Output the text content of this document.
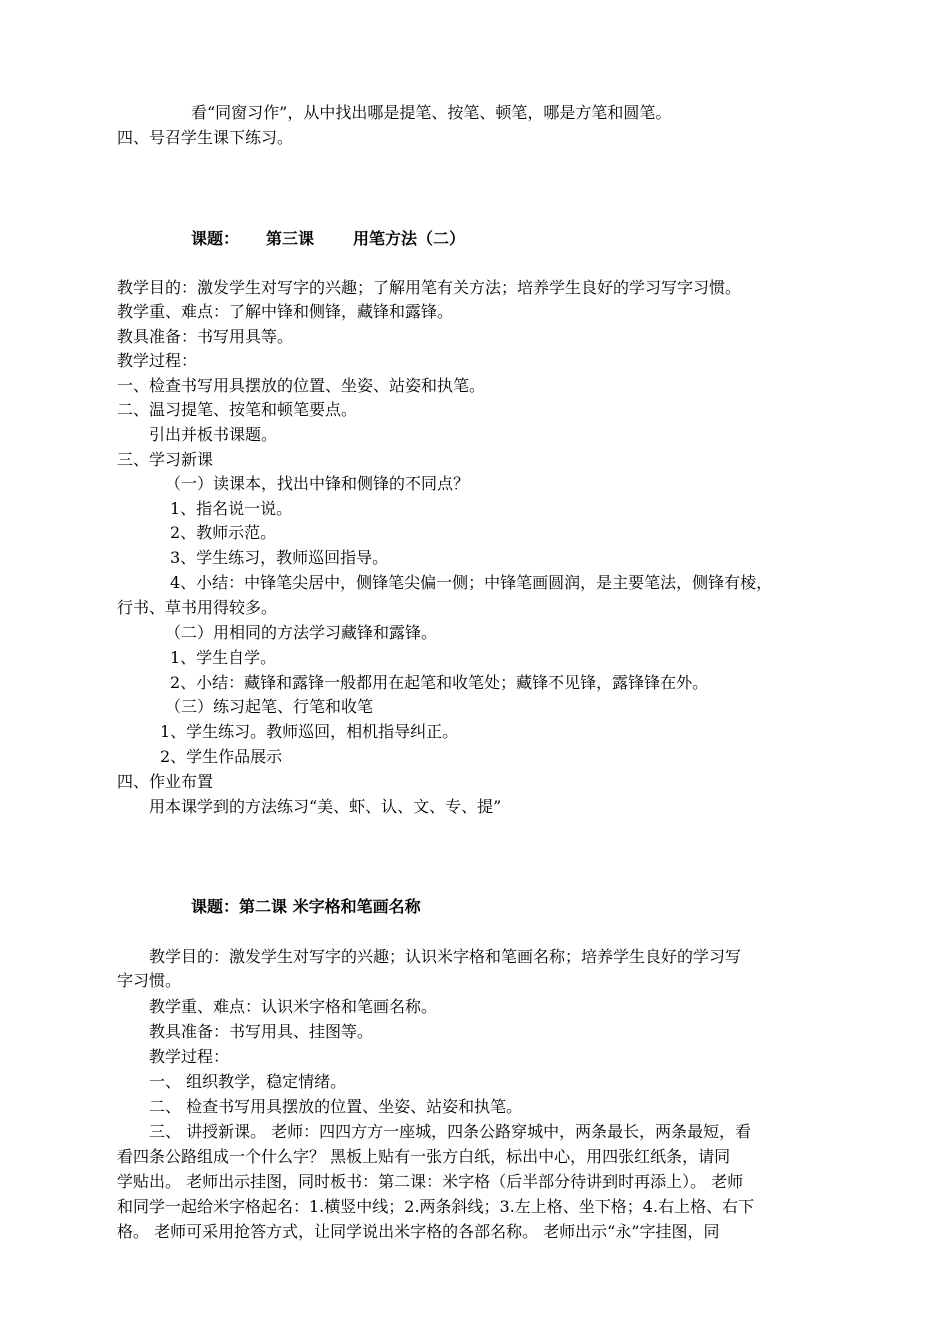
看“同窗习作”，从中找出哪是提笔、按笔、顿笔，哪是方笔和圆笔。
四、号召学生课下练习。
课题： 第三课 用笔方法（二）
教学目的：激发学生对写字的兴趣；了解用笔有关方法；培养学生良好的学习写字习惯。
教学重、难点：了解中锋和侧锋，藏锋和露锋。
教具准备：书写用具等。
教学过程：
一、检查书写用具摆放的位置、坐姿、站姿和执笔。
二、温习提笔、按笔和顿笔要点。
引出并板书课题。
三、学习新课
（一）读课本，找出中锋和侧锋的不同点？
1、指名说一说。
2、教师示范。
3、学生练习，教师巡回指导。
4、小结：中锋笔尖居中，侧锋笔尖偏一侧；中锋笔画圆润，是主要笔法，侧锋有棱，
行书、草书用得较多。
（二）用相同的方法学习藏锋和露锋。
1、学生自学。
2、小结：藏锋和露锋一般都用在起笔和收笔处；藏锋不见锋，露锋锋在外。
（三）练习起笔、行笔和收笔
1、学生练习。教师巡回，相机指导纠正。
2、学生作品展示
四、作业布置
用本课学到的方法练习“美、虾、认、文、专、提”
课题：第二课 米字格和笔画名称
教学目的：激发学生对写字的兴趣；认识米字格和笔画名称；培养学生良好的学习写
字习惯。
教学重、难点：认识米字格和笔画名称。
教具准备：书写用具、挂图等。
教学过程：
一、 组织教学，稳定情绪。
二、 检查书写用具摆放的位置、坐姿、站姿和执笔。
三、 讲授新课。 老师：四四方方一座城，四条公路穿城中，两条最长，两条最短，看
看四条公路组成一个什么字？ 黑板上贴有一张方白纸，标出中心，用四张红纸条，请同
学贴出。 老师出示挂图，同时板书：第二课：米字格（后半部分待讲到时再添上）。 老师
和同学一起给米字格起名：1.横竖中线；2.两条斜线；3.左上格、坐下格；4.右上格、右下
格。 老师可采用抢答方式，让同学说出米字格的各部名称。 老师出示“永”字挂图，同
